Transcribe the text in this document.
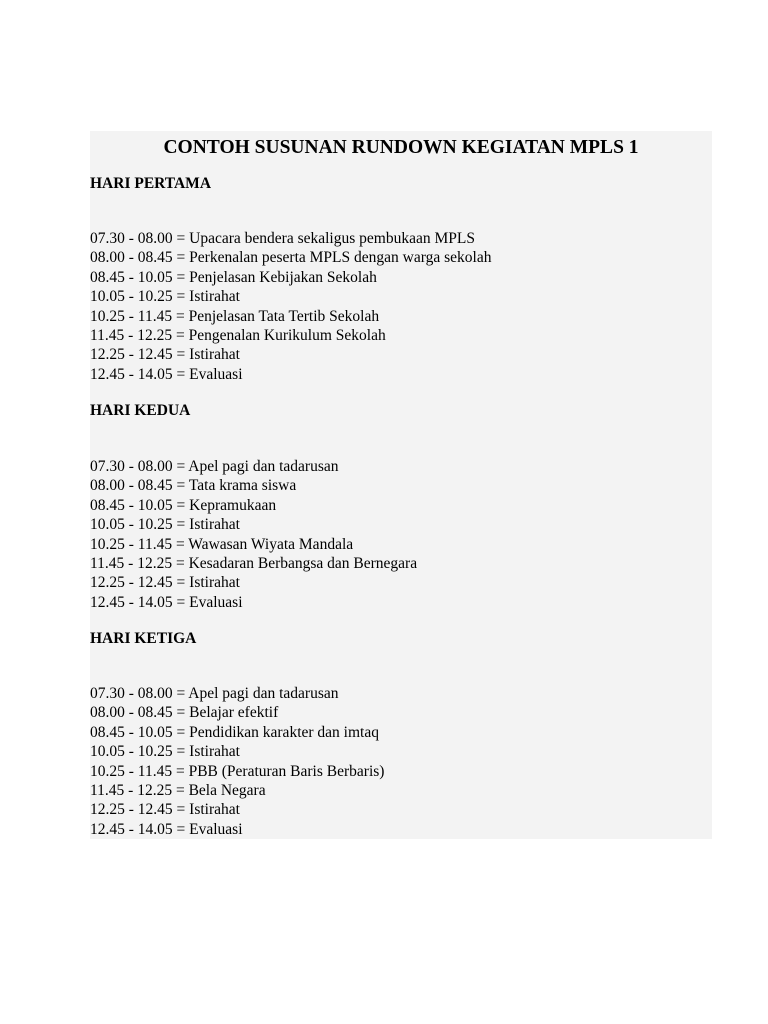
CONTOH SUSUNAN RUNDOWN KEGIATAN MPLS 1
HARI PERTAMA
07.30 - 08.00 = Upacara bendera sekaligus pembukaan MPLS
08.00 - 08.45 = Perkenalan peserta MPLS dengan warga sekolah
08.45 - 10.05 = Penjelasan Kebijakan Sekolah
10.05 - 10.25 = Istirahat
10.25 - 11.45 = Penjelasan Tata Tertib Sekolah
11.45 - 12.25 = Pengenalan Kurikulum Sekolah
12.25 - 12.45 = Istirahat
12.45 - 14.05 = Evaluasi
HARI KEDUA
07.30 - 08.00 = Apel pagi dan tadarusan
08.00 - 08.45 = Tata krama siswa
08.45 - 10.05 = Kepramukaan
10.05 - 10.25 = Istirahat
10.25 - 11.45 = Wawasan Wiyata Mandala
11.45 - 12.25 = Kesadaran Berbangsa dan Bernegara
12.25 - 12.45 = Istirahat
12.45 - 14.05 = Evaluasi
HARI KETIGA
07.30 - 08.00 = Apel pagi dan tadarusan
08.00 - 08.45 = Belajar efektif
08.45 - 10.05 = Pendidikan karakter dan imtaq
10.05 - 10.25 = Istirahat
10.25 - 11.45 = PBB (Peraturan Baris Berbaris)
11.45 - 12.25 = Bela Negara
12.25 - 12.45 = Istirahat
12.45 - 14.05 = Evaluasi
